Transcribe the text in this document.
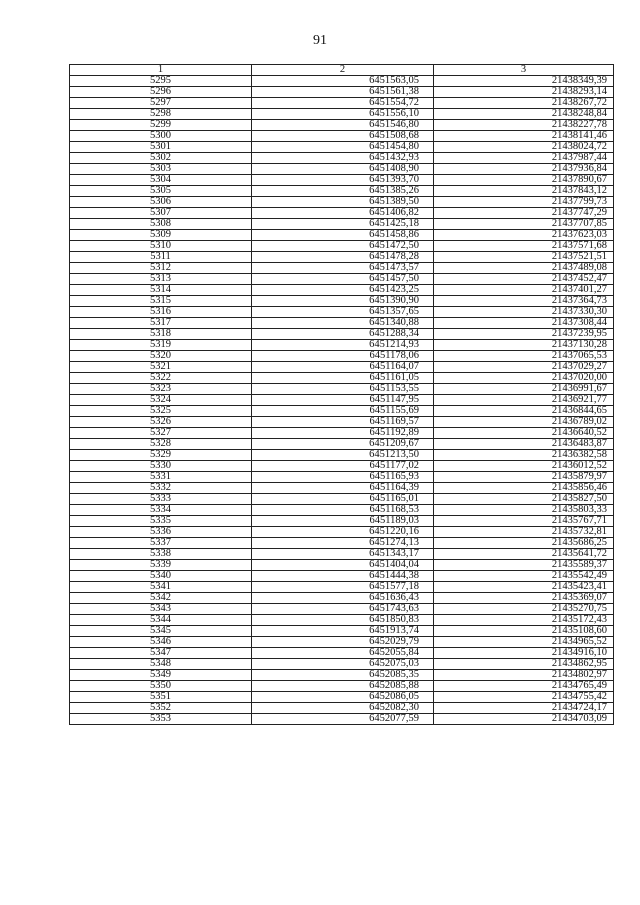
91
1	2	3
5295	6451563,05	21438349,39
5296	6451561,38	21438293,14
5297	6451554,72	21438267,72
5298	6451556,10	21438248,84
5299	6451546,80	21438227,78
5300	6451508,68	21438141,46
5301	6451454,80	21438024,72
5302	6451432,93	21437987,44
5303	6451408,90	21437936,84
5304	6451393,70	21437890,67
5305	6451385,26	21437843,12
5306	6451389,50	21437799,73
5307	6451406,82	21437747,29
5308	6451425,18	21437707,85
5309	6451458,86	21437623,03
5310	6451472,50	21437571,68
5311	6451478,28	21437521,51
5312	6451473,57	21437489,08
5313	6451457,50	21437452,47
5314	6451423,25	21437401,27
5315	6451390,90	21437364,73
5316	6451357,65	21437330,30
5317	6451340,88	21437308,44
5318	6451288,34	21437239,95
5319	6451214,93	21437130,28
5320	6451178,06	21437065,53
5321	6451164,07	21437029,27
5322	6451161,05	21437020,00
5323	6451153,55	21436991,67
5324	6451147,95	21436921,77
5325	6451155,69	21436844,65
5326	6451169,57	21436789,02
5327	6451192,89	21436640,52
5328	6451209,67	21436483,87
5329	6451213,50	21436382,58
5330	6451177,02	21436012,52
5331	6451165,93	21435879,97
5332	6451164,39	21435856,46
5333	6451165,01	21435827,50
5334	6451168,53	21435803,33
5335	6451189,03	21435767,71
5336	6451220,16	21435732,81
5337	6451274,13	21435686,25
5338	6451343,17	21435641,72
5339	6451404,04	21435589,37
5340	6451444,38	21435542,49
5341	6451577,18	21435423,41
5342	6451636,43	21435369,07
5343	6451743,63	21435270,75
5344	6451850,83	21435172,43
5345	6451913,74	21435108,60
5346	6452029,79	21434965,52
5347	6452055,84	21434916,10
5348	6452075,03	21434862,95
5349	6452085,35	21434802,97
5350	6452085,88	21434765,49
5351	6452086,05	21434755,42
5352	6452082,30	21434724,17
5353	6452077,59	21434703,09
